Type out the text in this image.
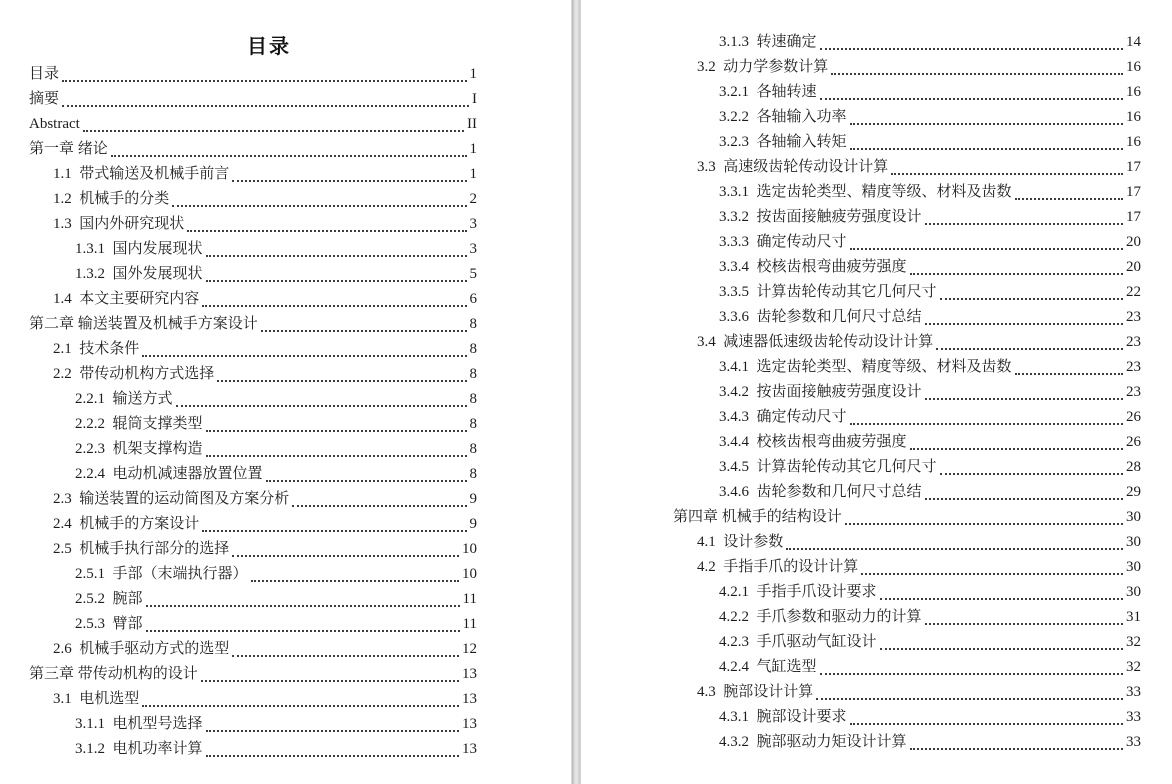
目录
目录	1
摘要	I
Abstract	II
第一章 绪论	1
1.1  带式输送及机械手前言	1
1.2  机械手的分类	2
1.3  国内外研究现状	3
1.3.1  国内发展现状	3
1.3.2  国外发展现状	5
1.4  本文主要研究内容	6
第二章 输送装置及机械手方案设计	8
2.1  技术条件	8
2.2  带传动机构方式选择	8
2.2.1  输送方式	8
2.2.2  辊筒支撑类型	8
2.2.3  机架支撑构造	8
2.2.4  电动机减速器放置位置	8
2.3  输送装置的运动简图及方案分析	9
2.4  机械手的方案设计	9
2.5  机械手执行部分的选择	10
2.5.1  手部（末端执行器）	10
2.5.2  腕部	11
2.5.3  臂部	11
2.6  机械手驱动方式的选型	12
第三章 带传动机构的设计	13
3.1  电机选型	13
3.1.1  电机型号选择	13
3.1.2  电机功率计算	13
3.1.3  转速确定	14
3.2  动力学参数计算	16
3.2.1  各轴转速	16
3.2.2  各轴输入功率	16
3.2.3  各轴输入转矩	16
3.3  高速级齿轮传动设计计算	17
3.3.1  选定齿轮类型、精度等级、材料及齿数	17
3.3.2  按齿面接触疲劳强度设计	17
3.3.3  确定传动尺寸	20
3.3.4  校核齿根弯曲疲劳强度	20
3.3.5  计算齿轮传动其它几何尺寸	22
3.3.6  齿轮参数和几何尺寸总结	23
3.4  减速器低速级齿轮传动设计计算	23
3.4.1  选定齿轮类型、精度等级、材料及齿数	23
3.4.2  按齿面接触疲劳强度设计	23
3.4.3  确定传动尺寸	26
3.4.4  校核齿根弯曲疲劳强度	26
3.4.5  计算齿轮传动其它几何尺寸	28
3.4.6  齿轮参数和几何尺寸总结	29
第四章 机械手的结构设计	30
4.1  设计参数	30
4.2  手指手爪的设计计算	30
4.2.1  手指手爪设计要求	30
4.2.2  手爪参数和驱动力的计算	31
4.2.3  手爪驱动气缸设计	32
4.2.4  气缸选型	32
4.3  腕部设计计算	33
4.3.1  腕部设计要求	33
4.3.2  腕部驱动力矩设计计算	33
